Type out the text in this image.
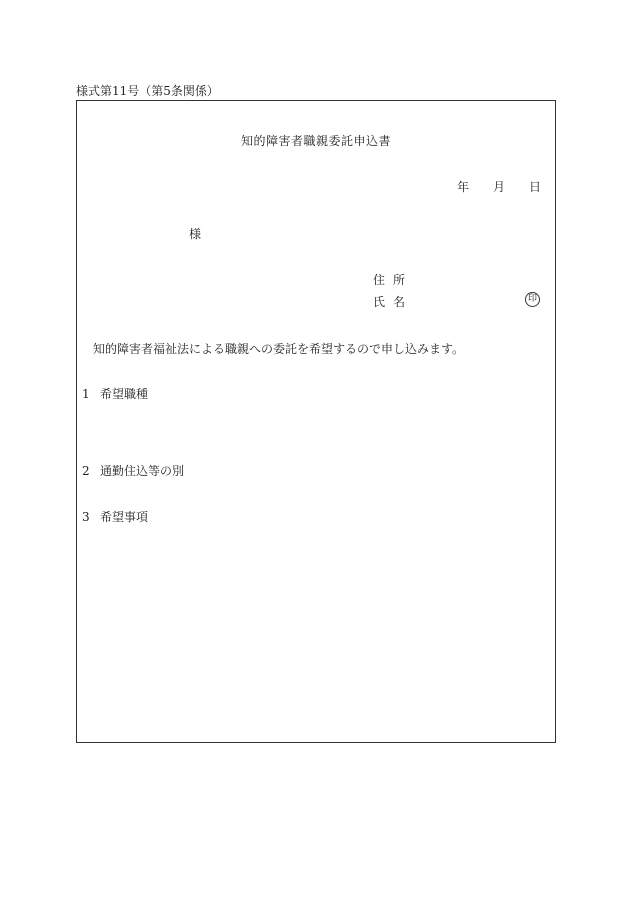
様式第11号（第5条関係）
知的障害者職親委託申込書
年 月 日
様
住所
氏名	印
知的障害者福祉法による職親への委託を希望するので申し込みます。
1 希望職種
2 通勤住込等の別
3 希望事項
